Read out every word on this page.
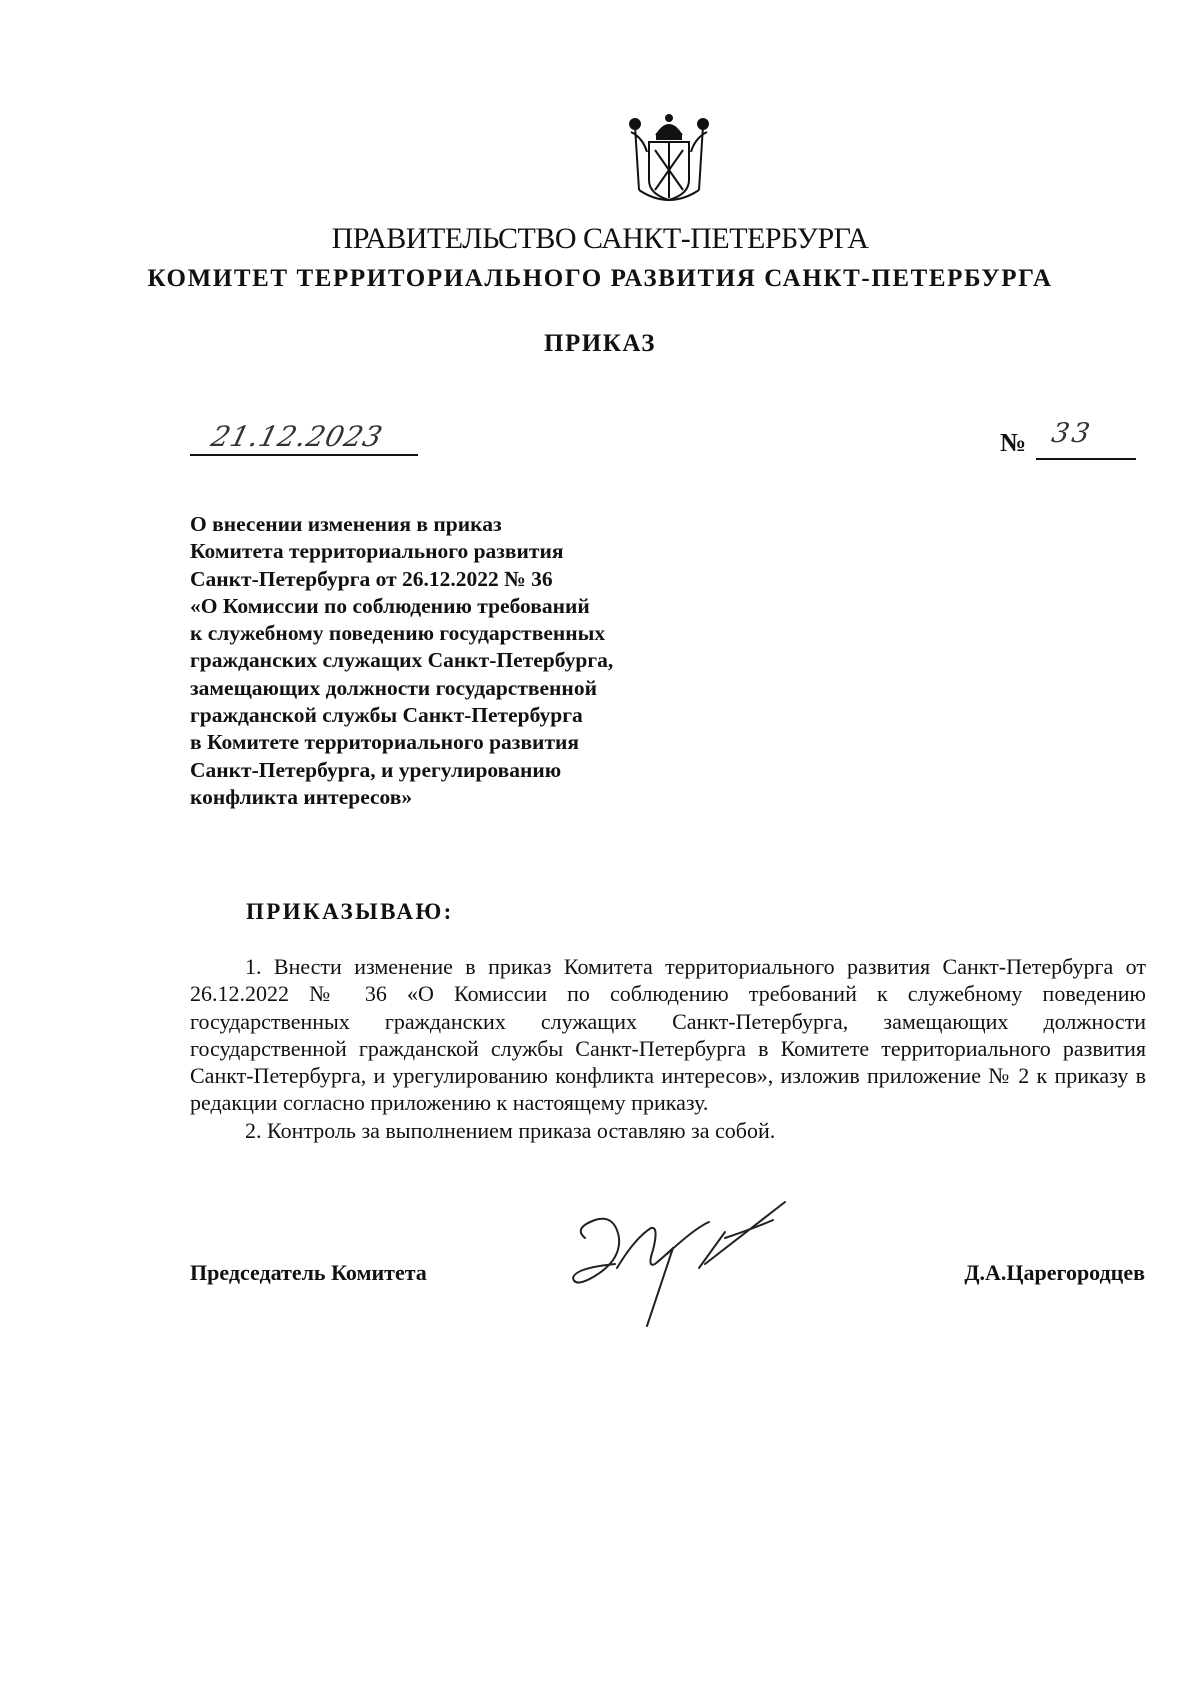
ПРАВИТЕЛЬСТВО САНКТ-ПЕТЕРБУРГА
КОМИТЕТ ТЕРРИТОРИАЛЬНОГО РАЗВИТИЯ САНКТ-ПЕТЕРБУРГА
ПРИКАЗ
21.12.2023	№ 33
О внесении изменения в приказ
Комитета территориального развития
Санкт-Петербурга от 26.12.2022 № 36
«О Комиссии по соблюдению требований
к служебному поведению государственных
гражданских служащих Санкт-Петербурга,
замещающих должности государственной
гражданской службы Санкт-Петербурга
в Комитете территориального развития
Санкт-Петербурга, и урегулированию
конфликта интересов»
ПРИКАЗЫВАЮ:

1. Внести изменение в приказ Комитета территориального развития Санкт-Петербурга от 26.12.2022 № 36 «О Комиссии по соблюдению требований к служебному поведению государственных гражданских служащих Санкт-Петербурга, замещающих должности государственной гражданской службы Санкт-Петербурга в Комитете территориального развития Санкт-Петербурга, и урегулированию конфликта интересов», изложив приложение № 2 к приказу в редакции согласно приложению к настоящему приказу.

2. Контроль за выполнением приказа оставляю за собой.

Председатель Комитета	Д.А.Царегородцев
